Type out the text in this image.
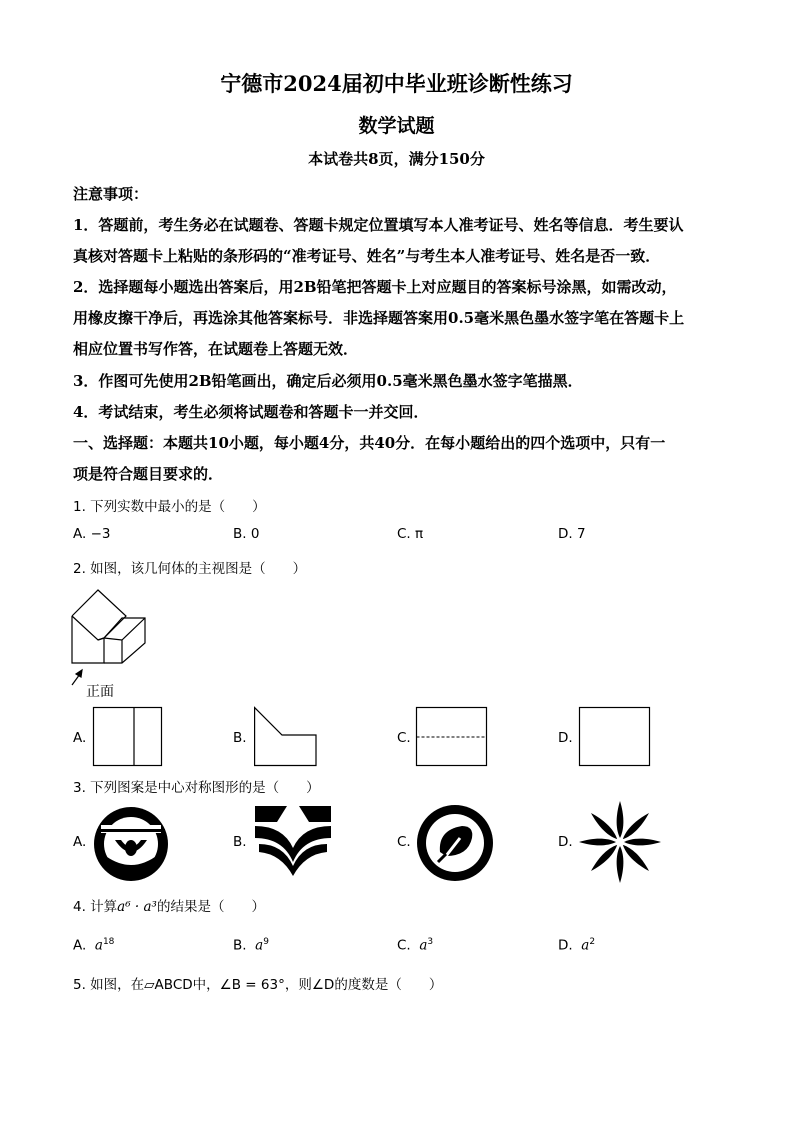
宁德市2024届初中毕业班诊断性练习
数学试题
本试卷共8页，满分150分
注意事项：
1．答题前，考生务必在试题卷、答题卡规定位置填写本人准考证号、姓名等信息．考生要认
真核对答题卡上粘贴的条形码的“准考证号、姓名”与考生本人准考证号、姓名是否一致．
2．选择题每小题选出答案后，用2B铅笔把答题卡上对应题目的答案标号涂黑，如需改动，
用橡皮擦干净后，再选涂其他答案标号．非选择题答案用0.5毫米黑色墨水签字笔在答题卡上
相应位置书写作答，在试题卷上答题无效．
3．作图可先使用2B铅笔画出，确定后必须用0.5毫米黑色墨水签字笔描黑．
4．考试结束，考生必须将试题卷和答题卡一并交回．
一、选择题：本题共10小题，每小题4分，共40分．在每小题给出的四个选项中，只有一
项是符合题目要求的．
1. 下列实数中最小的是（　　）
A. −3	B. 0	C. π	D. 7
2. 如图，该几何体的主视图是（　　）
正面
A.	B.	C.	D.
3. 下列图案是中心对称图形的是（　　）
A.	B.	C.	D.
4. 计算a⁶ · a³的结果是（　　）
A. $a^{18}$	B. $a^9$	C. $a^3$	D. $a^2$
5. 如图，在▱ABCD中，∠B = 63°，则∠D的度数是（　　）
